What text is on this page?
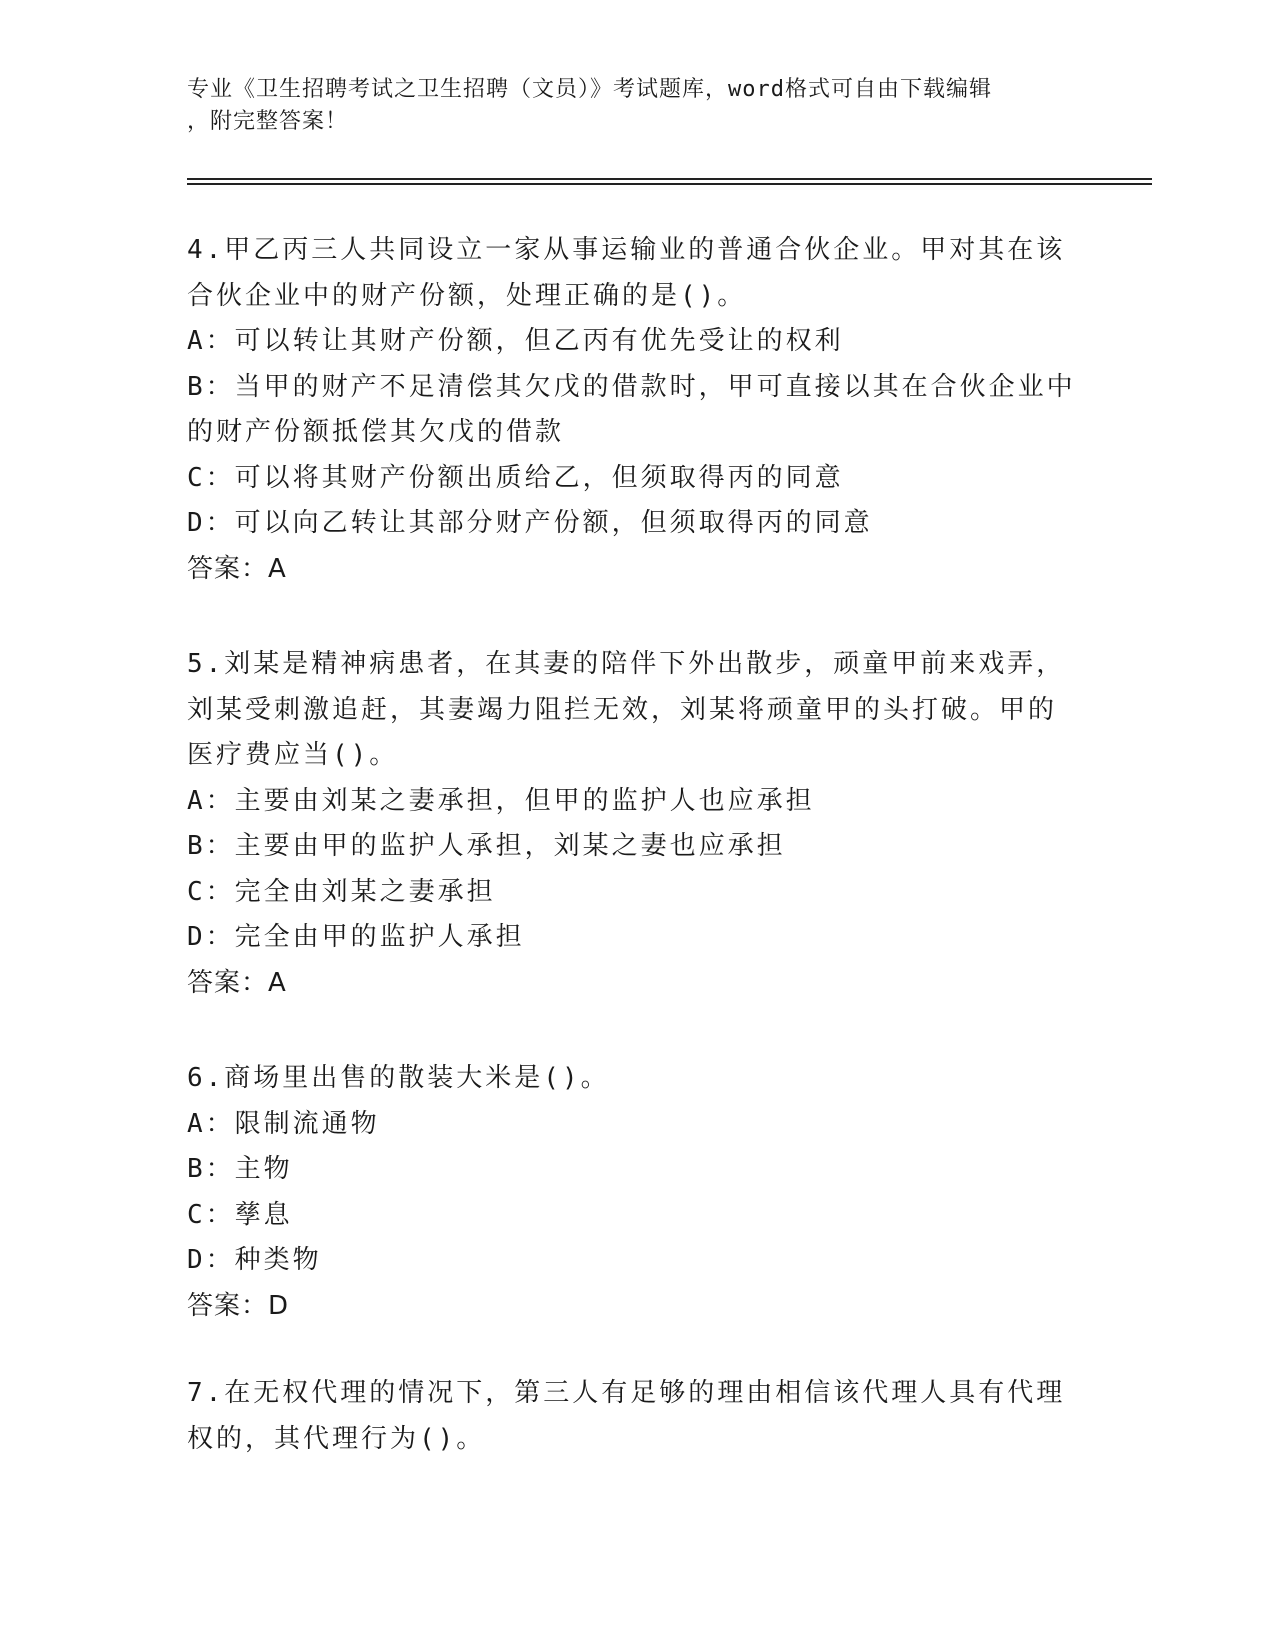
专业《卫生招聘考试之卫生招聘（文员）》考试题库，word格式可自由下载编辑
，附完整答案！
4.甲乙丙三人共同设立一家从事运输业的普通合伙企业。甲对其在该
合伙企业中的财产份额，处理正确的是()。
A：可以转让其财产份额，但乙丙有优先受让的权利
B：当甲的财产不足清偿其欠戊的借款时，甲可直接以其在合伙企业中
的财产份额抵偿其欠戊的借款
C：可以将其财产份额出质给乙，但须取得丙的同意
D：可以向乙转让其部分财产份额，但须取得丙的同意
答案：A
5.刘某是精神病患者，在其妻的陪伴下外出散步，顽童甲前来戏弄，
刘某受刺激追赶，其妻竭力阻拦无效，刘某将顽童甲的头打破。甲的
医疗费应当()。
A：主要由刘某之妻承担，但甲的监护人也应承担
B：主要由甲的监护人承担，刘某之妻也应承担
C：完全由刘某之妻承担
D：完全由甲的监护人承担
答案：A
6.商场里出售的散装大米是()。
A：限制流通物
B：主物
C：孳息
D：种类物
答案：D
7.在无权代理的情况下，第三人有足够的理由相信该代理人具有代理
权的，其代理行为()。
